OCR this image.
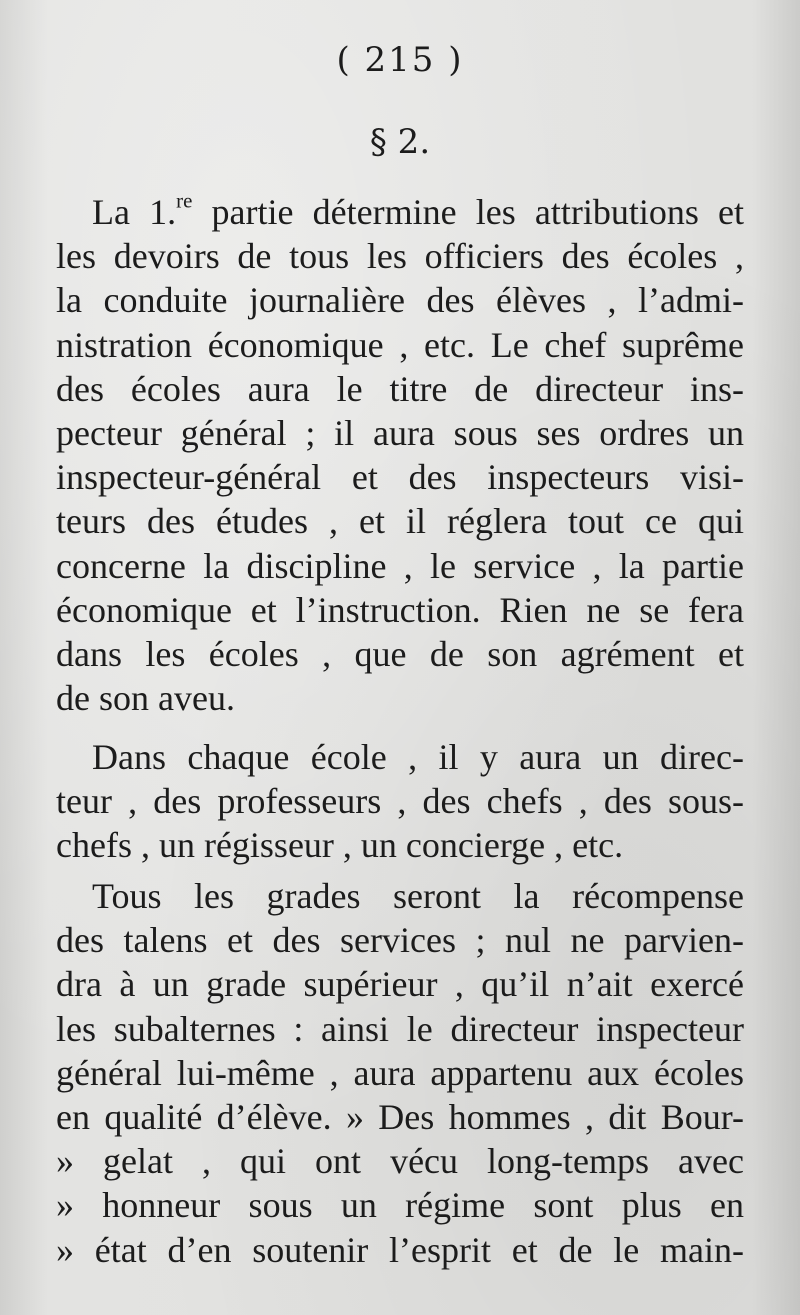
( 215 )
§ 2.
La 1.$^{re}$ partie détermine les attributions et
les devoirs de tous les officiers des écoles ,
la conduite journalière des élèves , l’admi-
nistration économique , etc. Le chef suprême
des écoles aura le titre de directeur ins-
pecteur général ; il aura sous ses ordres un
inspecteur-général et des inspecteurs visi-
teurs des études , et il réglera tout ce qui
concerne la discipline , le service , la partie
économique et l’instruction. Rien ne se fera
dans les écoles , que de son agrément et
de son aveu.
Dans chaque école , il y aura un direc-
teur , des professeurs , des chefs , des sous-
chefs , un régisseur , un concierge , etc.
Tous les grades seront la récompense
des talens et des services ; nul ne parvien-
dra à un grade supérieur , qu’il n’ait exercé
les subalternes : ainsi le directeur inspecteur
général lui-même , aura appartenu aux écoles
en qualité d’élève. » Des hommes , dit Bour-
» gelat , qui ont vécu long-temps avec
» honneur sous un régime sont plus en
» état d’en soutenir l’esprit et de le main-
